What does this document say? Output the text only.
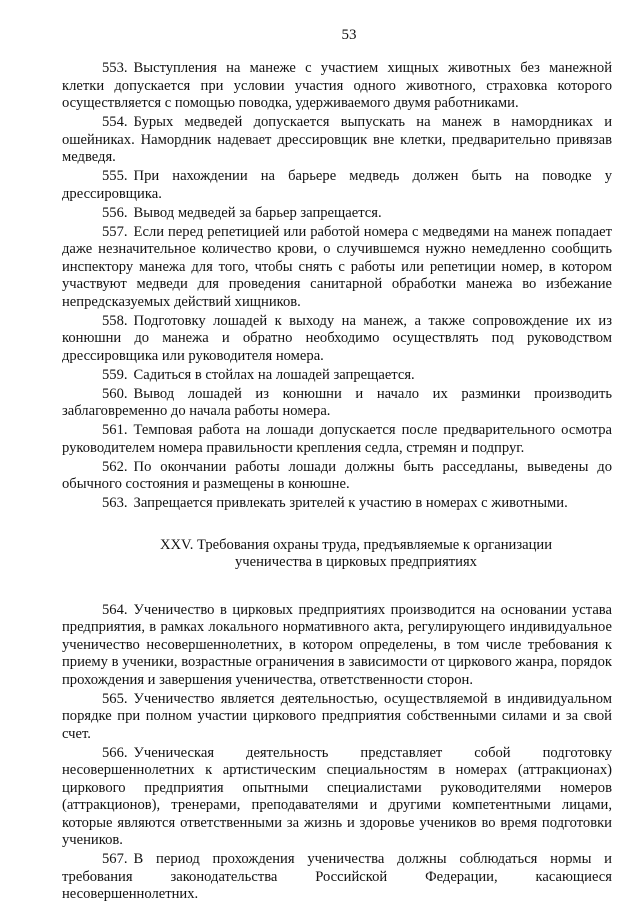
53

553. Выступления на манеже с участием хищных животных без манежной клетки допускается при условии участия одного животного, страховка которого осуществляется с помощью поводка, удерживаемого двумя работниками.

554. Бурых медведей допускается выпускать на манеж в намордниках и ошейниках. Намордник надевает дрессировщик вне клетки, предварительно привязав медведя.

555. При нахождении на барьере медведь должен быть на поводке у дрессировщика.

556. Вывод медведей за барьер запрещается.

557. Если перед репетицией или работой номера с медведями на манеж попадает даже незначительное количество крови, о случившемся нужно немедленно сообщить инспектору манежа для того, чтобы снять с работы или репетиции номер, в котором участвуют медведи для проведения санитарной обработки манежа во избежание непредсказуемых действий хищников.

558. Подготовку лошадей к выходу на манеж, а также сопровождение их из конюшни до манежа и обратно необходимо осуществлять под руководством дрессировщика или руководителя номера.

559. Садиться в стойлах на лошадей запрещается.

560. Вывод лошадей из конюшни и начало их разминки производить заблаговременно до начала работы номера.

561. Темповая работа на лошади допускается после предварительного осмотра руководителем номера правильности крепления седла, стремян и подпруг.

562. По окончании работы лошади должны быть расседланы, выведены до обычного состояния и размещены в конюшне.

563. Запрещается привлекать зрителей к участию в номерах с животными.

XXV. Требования охраны труда, предъявляемые к организации
ученичества в цирковых предприятиях

564. Ученичество в цирковых предприятиях производится на основании устава предприятия, в рамках локального нормативного акта, регулирующего индивидуальное ученичество несовершеннолетних, в котором определены, в том числе требования к приему в ученики, возрастные ограничения в зависимости от циркового жанра, порядок прохождения и завершения ученичества, ответственности сторон.

565. Ученичество является деятельностью, осуществляемой в индивидуальном порядке при полном участии циркового предприятия собственными силами и за свой счет.

566. Ученическая деятельность представляет собой подготовку несовершеннолетних к артистическим специальностям в номерах (аттракционах) циркового предприятия опытными специалистами руководителями номеров (аттракционов), тренерами, преподавателями и другими компетентными лицами, которые являются ответственными за жизнь и здоровье учеников во время подготовки учеников.

567. В период прохождения ученичества должны соблюдаться нормы и требования законодательства Российской Федерации, касающиеся несовершеннолетних.
